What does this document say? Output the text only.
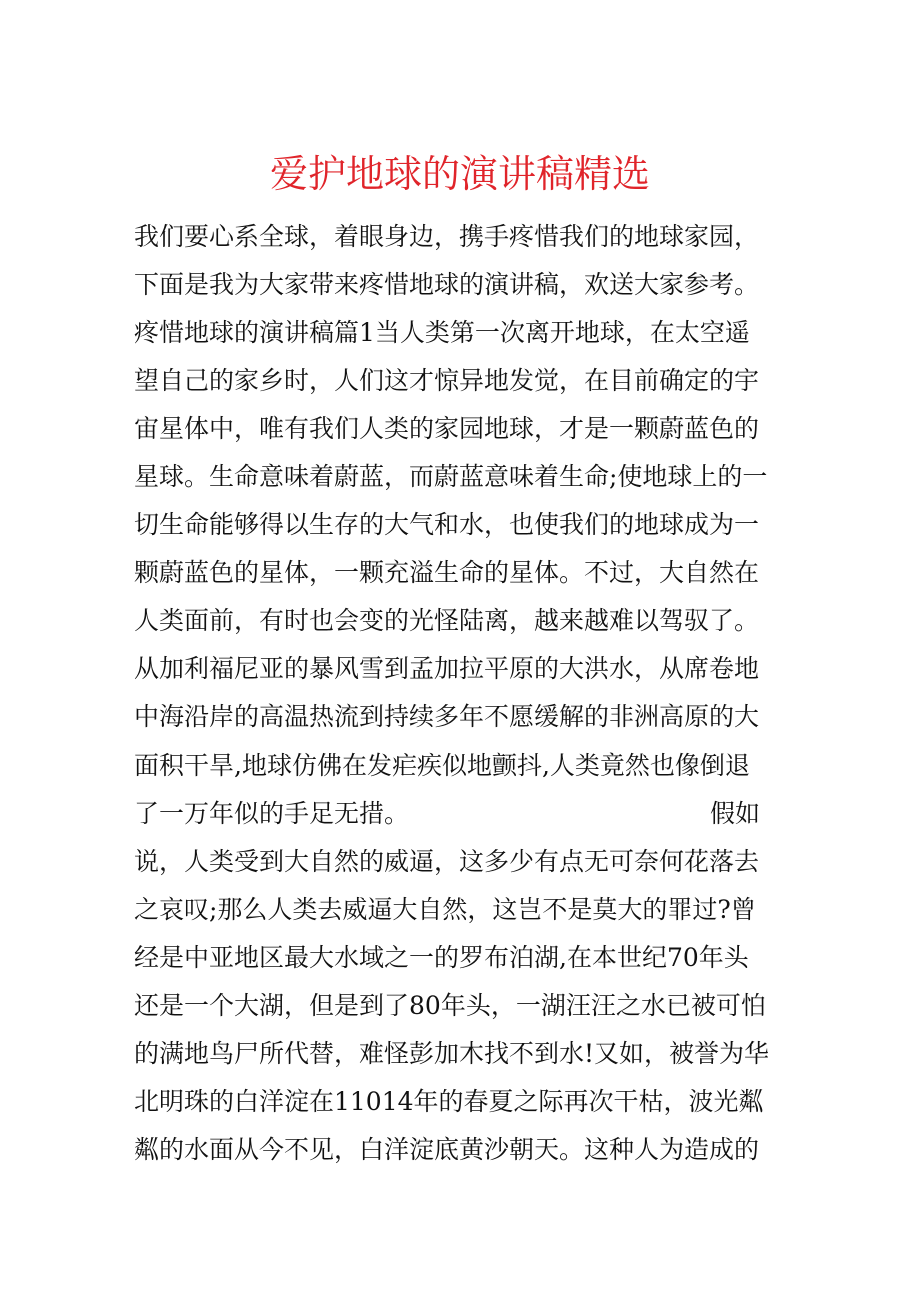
爱护地球的演讲稿精选
我们要心系全球，着眼身边，携手疼惜我们的地球家园，
下面是我为大家带来疼惜地球的演讲稿，欢送大家参考。
疼惜地球的演讲稿篇1当人类第一次离开地球，在太空遥
望自己的家乡时，人们这才惊异地发觉，在目前确定的宇
宙星体中，唯有我们人类的家园地球，才是一颗蔚蓝色的
星球。生命意味着蔚蓝，而蔚蓝意味着生命;使地球上的一
切生命能够得以生存的大气和水，也使我们的地球成为一
颗蔚蓝色的星体，一颗充溢生命的星体。不过，大自然在
人类面前，有时也会变的光怪陆离，越来越难以驾驭了。
从加利福尼亚的暴风雪到孟加拉平原的大洪水，从席卷地
中海沿岸的高温热流到持续多年不愿缓解的非洲高原的大
面积干旱,地球仿佛在发疟疾似地颤抖,人类竟然也像倒退
了一万年似的手足无措。	假如
说，人类受到大自然的威逼，这多少有点无可奈何花落去
之哀叹;那么人类去威逼大自然，这岂不是莫大的罪过?曾
经是中亚地区最大水域之一的罗布泊湖,在本世纪70年头
还是一个大湖，但是到了80年头，一湖汪汪之水已被可怕
的满地鸟尸所代替，难怪彭加木找不到水!又如，被誉为华
北明珠的白洋淀在11014年的春夏之际再次干枯，波光粼
粼的水面从今不见，白洋淀底黄沙朝天。这种人为造成的
